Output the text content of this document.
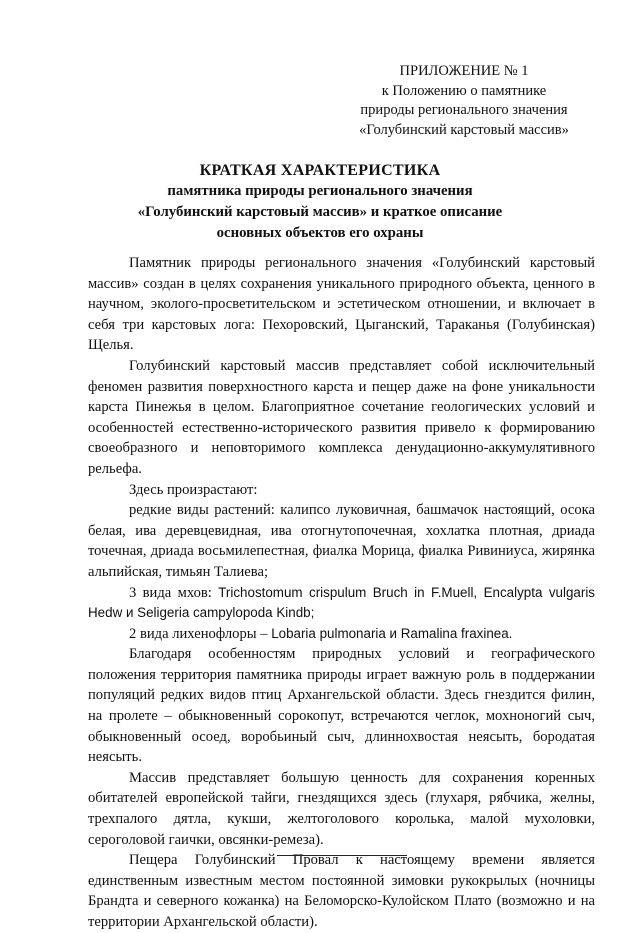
ПРИЛОЖЕНИЕ № 1
к Положению о памятнике
природы регионального значения
«Голубинский карстовый массив»
КРАТКАЯ ХАРАКТЕРИСТИКА
памятника природы регионального значения
«Голубинский карстовый массив» и краткое описание
основных объектов его охраны

Памятник природы регионального значения «Голубинский карстовый массив» создан в целях сохранения уникального природного объекта, ценного в научном, эколого-просветительском и эстетическом отношении, и включает в себя три карстовых лога: Пехоровский, Цыганский, Тараканья (Голубинская) Щелья.

Голубинский карстовый массив представляет собой исключительный феномен развития поверхностного карста и пещер даже на фоне уникальности карста Пинежья в целом. Благоприятное сочетание геологических условий и особенностей естественно-исторического развития привело к формированию своеобразного и неповторимого комплекса денудационно-аккумулятивного рельефа.

Здесь произрастают:

редкие виды растений: калипсо луковичная, башмачок настоящий, осока белая, ива деревцевидная, ива отогнутопочечная, хохлатка плотная, дриада точечная, дриада восьмилепестная, фиалка Морица, фиалка Ривиниуса, жирянка альпийская, тимьян Талиева;

3 вида мхов: Trichostomum crispulum Bruch in F.Muell, Encalypta vulgaris Hedw и Seligeria campylopoda Kindb;

2 вида лихенофлоры – Lobaria pulmonaria и Ramalina fraxinea.

Благодаря особенностям природных условий и географического положения территория памятника природы играет важную роль в поддержании популяций редких видов птиц Архангельской области. Здесь гнездится филин, на пролете – обыкновенный сорокопут, встречаются чеглок, мохноногий сыч, обыкновенный осоед, воробьиный сыч, длиннохвостая неясыть, бородатая неясыть.

Массив представляет большую ценность для сохранения коренных обитателей европейской тайги, гнездящихся здесь (глухаря, рябчика, желны, трехпалого дятла, кукши, желтоголового королька, малой мухоловки, сероголовой гаички, овсянки-ремеза).

Пещера Голубинский Провал к настоящему времени является единственным известным местом постоянной зимовки рукокрылых (ночницы Брандта и северного кожанка) на Беломорско-Кулойском Плато (возможно и на территории Архангельской области).
